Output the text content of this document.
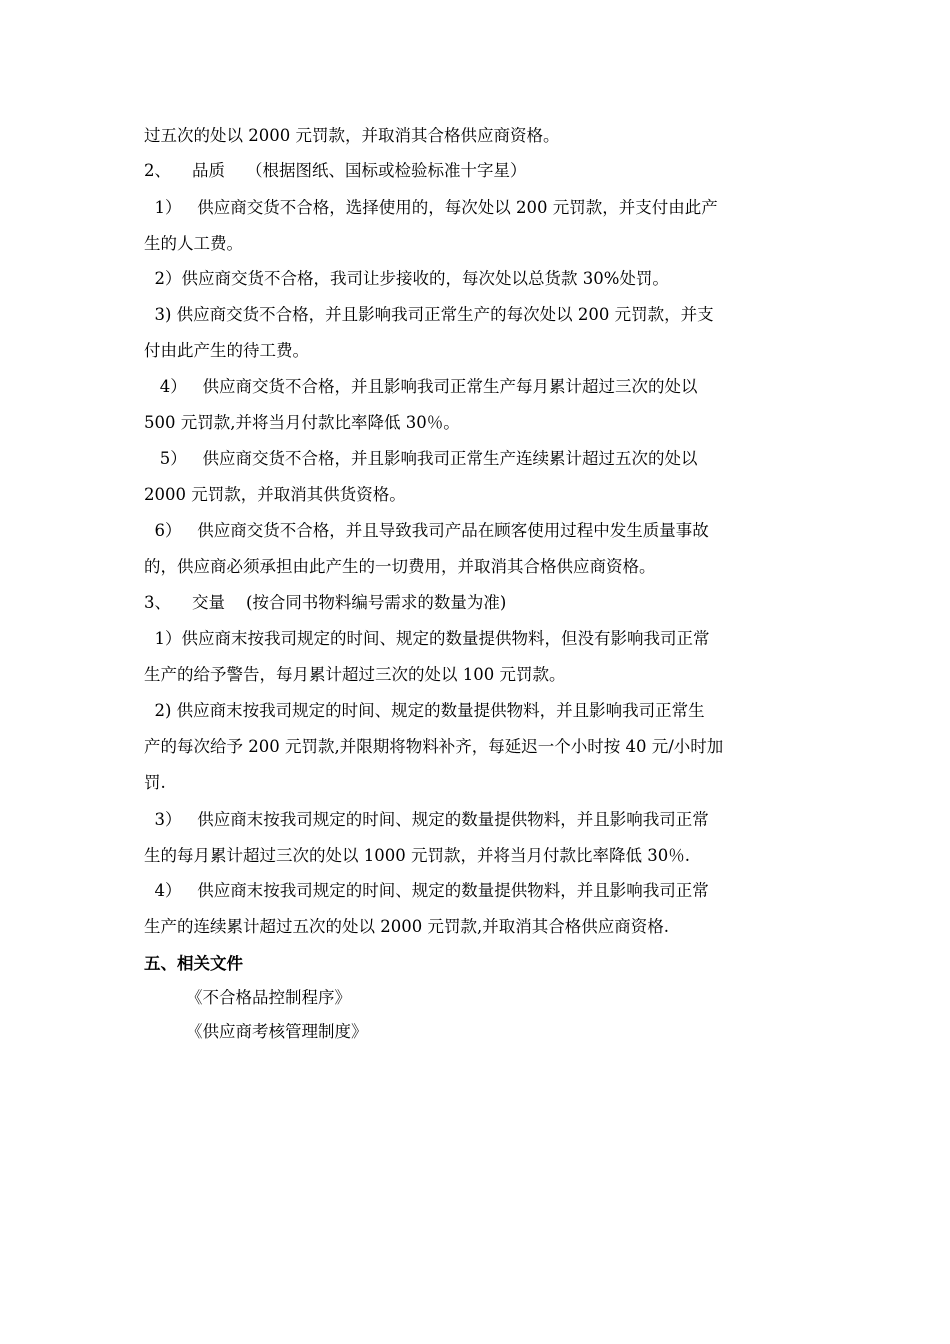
过五次的处以 2000 元罚款，并取消其合格供应商资格。
2、    品质    （根据图纸、国标或检验标准十字星）
1）   供应商交货不合格，选择使用的，每次处以 200 元罚款，并支付由此产
生的人工费。
2）供应商交货不合格，我司让步接收的，每次处以总货款 30%处罚。
3) 供应商交货不合格，并且影响我司正常生产的每次处以 200 元罚款，并支
付由此产生的待工费。
4）   供应商交货不合格，并且影响我司正常生产每月累计超过三次的处以
500 元罚款,并将当月付款比率降低 30％。
5）   供应商交货不合格，并且影响我司正常生产连续累计超过五次的处以
2000 元罚款，并取消其供货资格。
6）   供应商交货不合格，并且导致我司产品在顾客使用过程中发生质量事故
的，供应商必须承担由此产生的一切费用，并取消其合格供应商资格。
3、    交量    (按合同书物料编号需求的数量为准)
1）供应商末按我司规定的时间、规定的数量提供物料，但没有影响我司正常
生产的给予警告，每月累计超过三次的处以 100 元罚款。
2) 供应商末按我司规定的时间、规定的数量提供物料，并且影响我司正常生
产的每次给予 200 元罚款,并限期将物料补齐，每延迟一个小时按 40 元/小时加
罚.
3）   供应商末按我司规定的时间、规定的数量提供物料，并且影响我司正常
生的每月累计超过三次的处以 1000 元罚款，并将当月付款比率降低 30％.
4）   供应商末按我司规定的时间、规定的数量提供物料，并且影响我司正常
生产的连续累计超过五次的处以 2000 元罚款,并取消其合格供应商资格.
五、相关文件
《不合格品控制程序》
《供应商考核管理制度》
